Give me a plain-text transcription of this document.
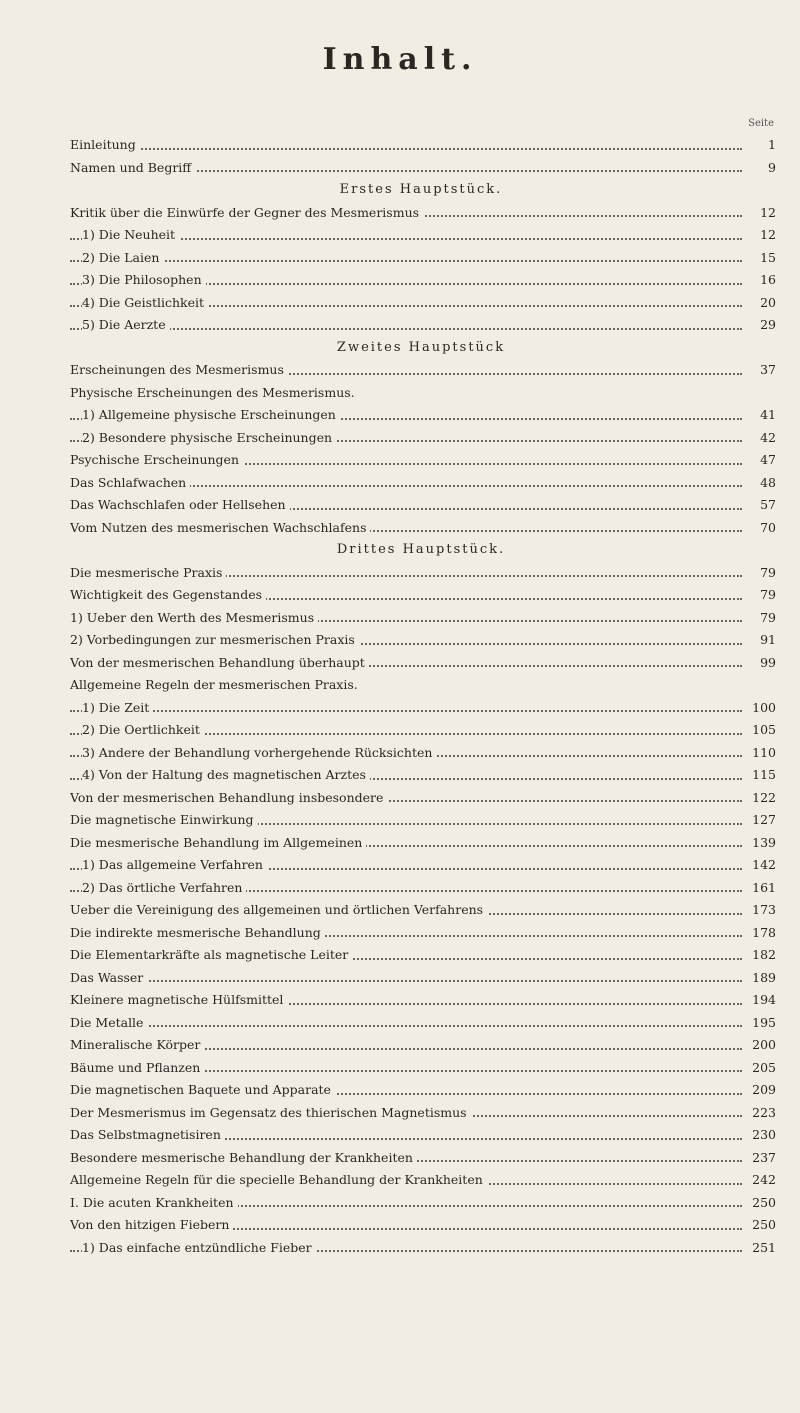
Inhalt.
Seite
Einleitung	1
Namen und Begriff	9
Erstes Hauptstück.
Kritik über die Einwürfe der Gegner des Mesmerismus	12
1) Die Neuheit	12
2) Die Laien	15
3) Die Philosophen	16
4) Die Geistlichkeit	20
5) Die Aerzte	29
Zweites Hauptstück
Erscheinungen des Mesmerismus	37
Physische Erscheinungen des Mesmerismus.
1) Allgemeine physische Erscheinungen	41
2) Besondere physische Erscheinungen	42
Psychische Erscheinungen	47
Das Schlafwachen	48
Das Wachschlafen oder Hellsehen	57
Vom Nutzen des mesmerischen Wachschlafens	70
Drittes Hauptstück.
Die mesmerische Praxis	79
Wichtigkeit des Gegenstandes	79
1) Ueber den Werth des Mesmerismus	79
2) Vorbedingungen zur mesmerischen Praxis	91
Von der mesmerischen Behandlung überhaupt	99
Allgemeine Regeln der mesmerischen Praxis.
1) Die Zeit	100
2) Die Oertlichkeit	105
3) Andere der Behandlung vorhergehende Rücksichten	110
4) Von der Haltung des magnetischen Arztes	115
Von der mesmerischen Behandlung insbesondere	122
Die magnetische Einwirkung	127
Die mesmerische Behandlung im Allgemeinen	139
1) Das allgemeine Verfahren	142
2) Das örtliche Verfahren	161
Ueber die Vereinigung des allgemeinen und örtlichen Verfahrens	173
Die indirekte mesmerische Behandlung	178
Die Elementarkräfte als magnetische Leiter	182
Das Wasser	189
Kleinere magnetische Hülfsmittel	194
Die Metalle	195
Mineralische Körper	200
Bäume und Pflanzen	205
Die magnetischen Baquete und Apparate	209
Der Mesmerismus im Gegensatz des thierischen Magnetismus	223
Das Selbstmagnetisiren	230
Besondere mesmerische Behandlung der Krankheiten	237
Allgemeine Regeln für die specielle Behandlung der Krankheiten	242
I. Die acuten Krankheiten	250
Von den hitzigen Fiebern	250
1) Das einfache entzündliche Fieber	251
